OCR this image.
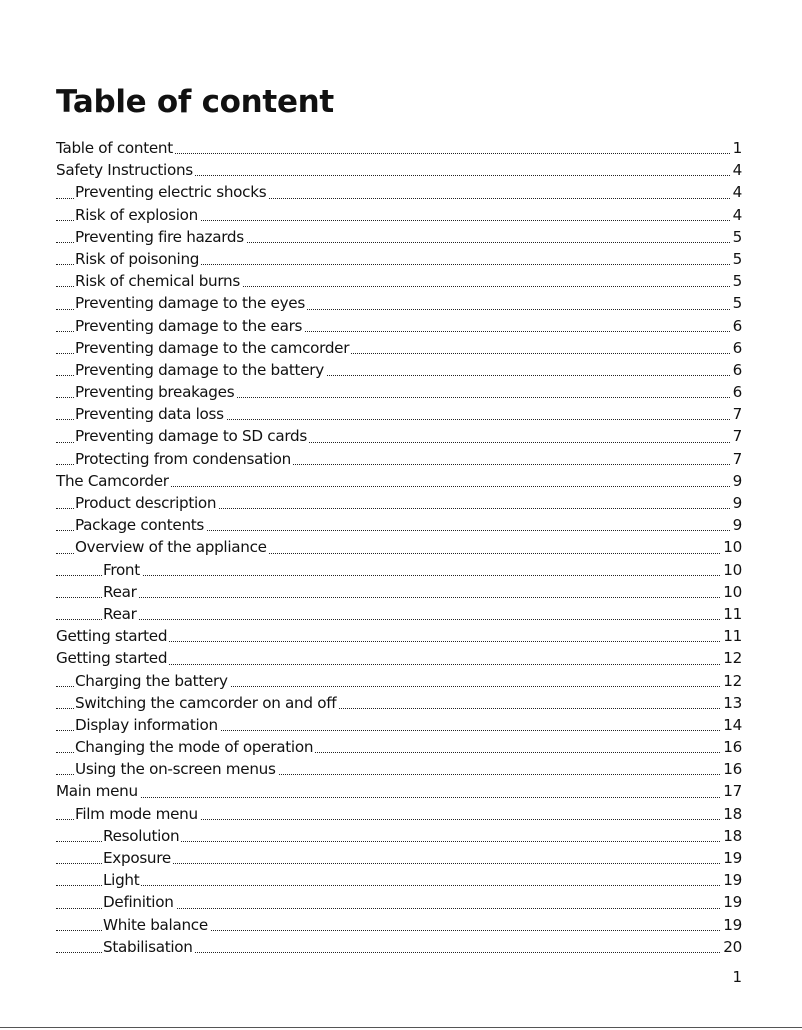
Table of content
Table of content	1
Safety Instructions	4
Preventing electric shocks	4
Risk of explosion	4
Preventing fire hazards	5
Risk of poisoning	5
Risk of chemical burns	5
Preventing damage to the eyes	5
Preventing damage to the ears	6
Preventing damage to the camcorder	6
Preventing damage to the battery	6
Preventing breakages	6
Preventing data loss	7
Preventing damage to SD cards	7
Protecting from condensation	7
The Camcorder	9
Product description	9
Package contents	9
Overview of the appliance	10
Front	10
Rear	10
Rear	11
Getting started	11
Getting started	12
Charging the battery	12
Switching the camcorder on and off	13
Display information	14
Changing the mode of operation	16
Using the on-screen menus	16
Main menu	17
Film mode menu	18
Resolution	18
Exposure	19
Light	19
Definition	19
White balance	19
Stabilisation	20
1
